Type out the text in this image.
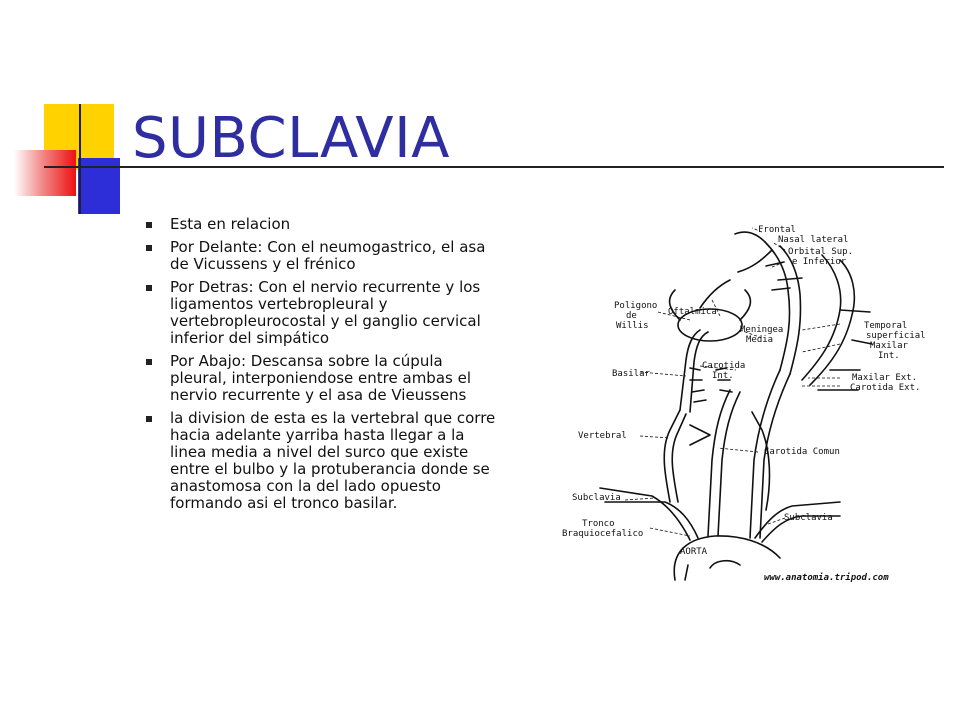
SUBCLAVIA
Esta en relacion
Por Delante: Con el neumogastrico, el asa de Vicussens y el frénico
Por Detras: Con el nervio recurrente y los ligamentos vertebropleural y vertebropleurocostal y el ganglio cervical inferior del simpático
Por Abajo: Descansa sobre la cúpula pleural, interponiendose entre ambas el nervio recurrente y el asa de Vieussens
la division de esta es la vertebral que corre hacia adelante yarriba hasta llegar a la linea media a nivel del surco que existe entre el bulbo y la protuberancia donde se anastomosa con la del lado opuesto formando asi el tronco basilar.
Frontal
Nasal lateral
Orbital Sup.
e Inferior
Poligono
de
Willis
Oftalmica
Meningea
Media
Temporal
superficial
Maxilar
Int.
Basilar
Carotida
Int.	Maxilar Ext.
Carotida Ext.
Vertebral
Carotida Comun
Subclavia
Subclavia
Tronco
Braquiocefalico
AORTA
www.anatomia.tripod.com
